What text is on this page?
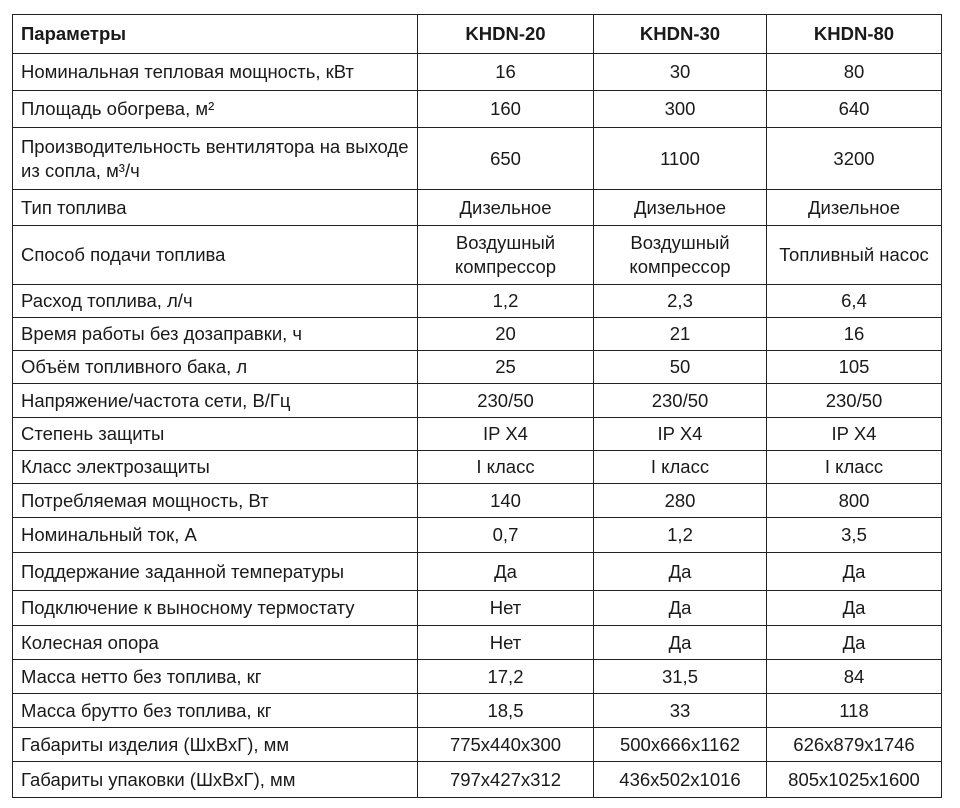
Параметры	KHDN-20	KHDN-30	KHDN-80
Номинальная тепловая мощность, кВт	16	30	80
Площадь обогрева, м²	160	300	640
Производительность вентилятора на выходе из сопла, м³/ч	650	1100	3200
Тип топлива	Дизельное	Дизельное	Дизельное
Способ подачи топлива	Воздушный компрессор	Воздушный компрессор	Топливный насос
Расход топлива, л/ч	1,2	2,3	6,4
Время работы без дозаправки, ч	20	21	16
Объём топливного бака, л	25	50	105
Напряжение/частота сети, В/Гц	230/50	230/50	230/50
Степень защиты	IP X4	IP X4	IP X4
Класс электрозащиты	I класс	I класс	I класс
Потребляемая мощность, Вт	140	280	800
Номинальный ток, А	0,7	1,2	3,5
Поддержание заданной температуры	Да	Да	Да
Подключение к выносному термостату	Нет	Да	Да
Колесная опора	Нет	Да	Да
Масса нетто без топлива, кг	17,2	31,5	84
Масса брутто без топлива, кг	18,5	33	118
Габариты изделия (ШхВхГ), мм	775x440x300	500x666x1162	626x879x1746
Габариты упаковки (ШхВхГ), мм	797x427x312	436x502x1016	805x1025x1600
